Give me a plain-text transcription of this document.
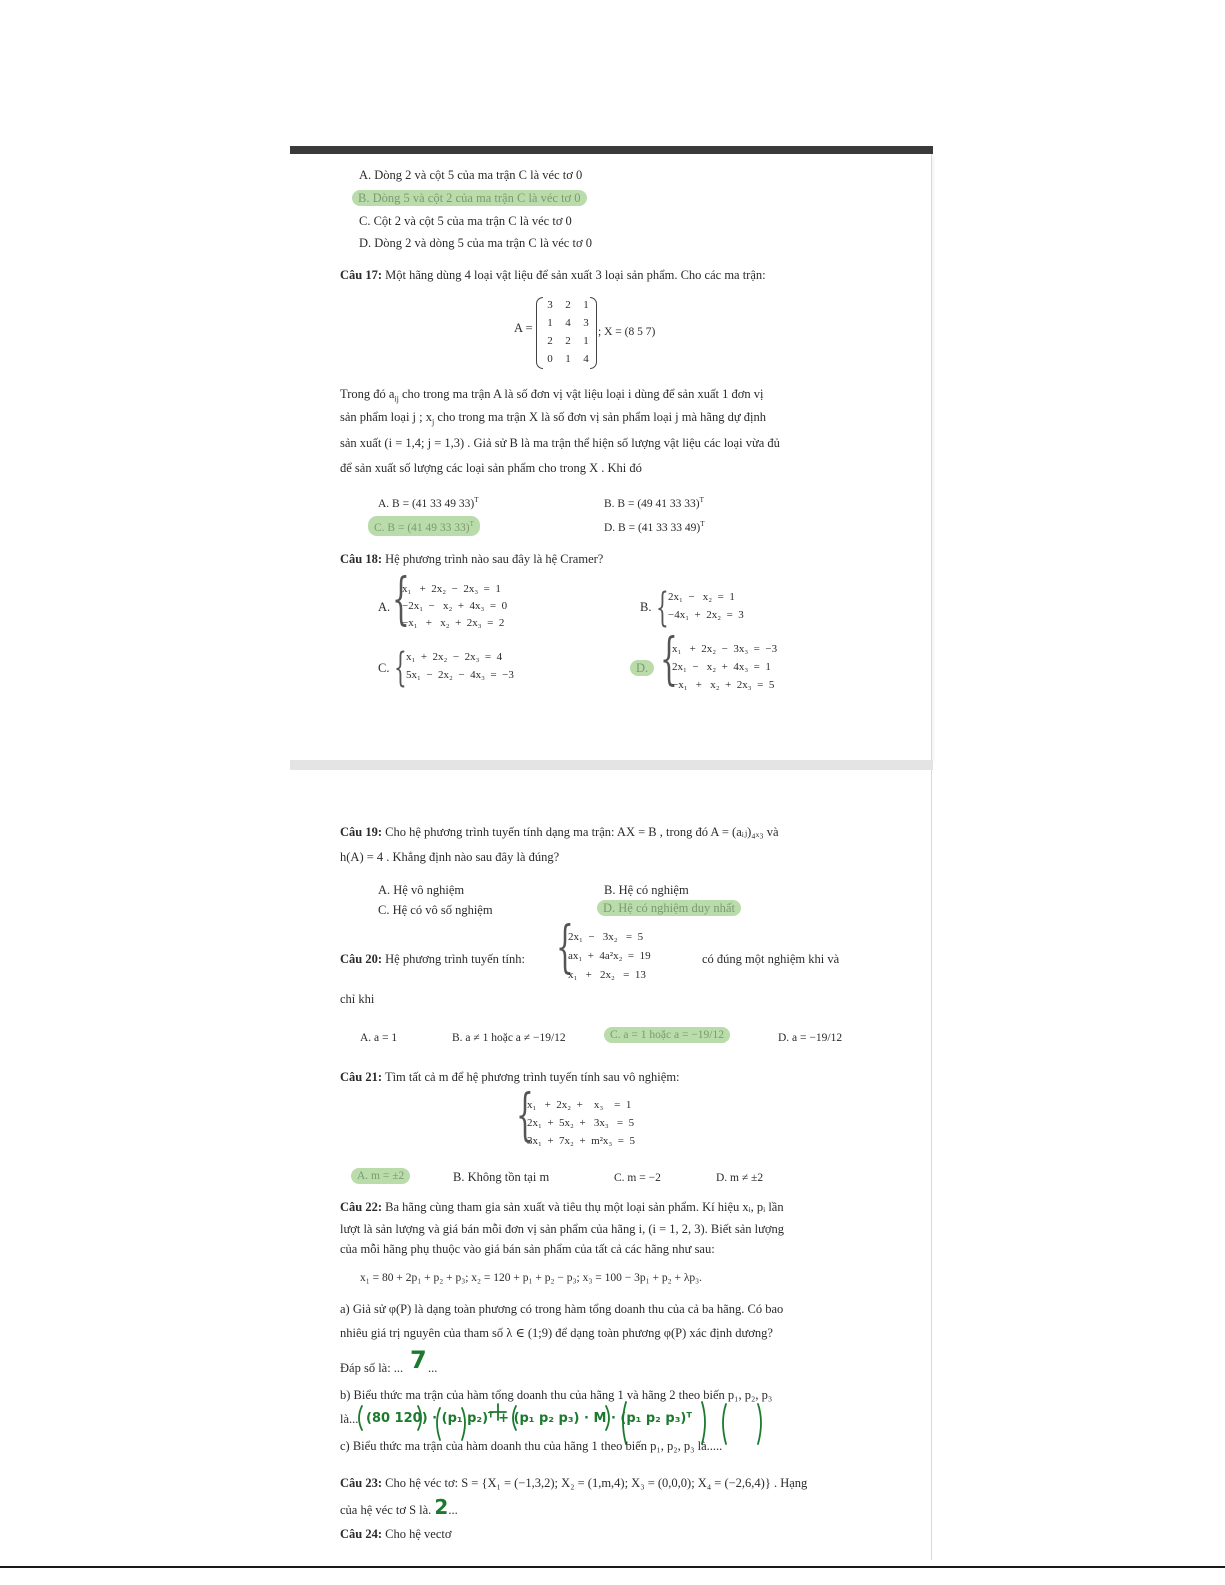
A. Dòng 2 và cột 5 của ma trận C là véc tơ 0
B. Dòng 5 và cột 2 của ma trận C là véc tơ 0
C. Cột 2 và cột 5 của ma trận C là véc tơ 0
D. Dòng 2 và dòng 5 của ma trận C là véc tơ 0
Câu 17: Một hãng dùng 4 loại vật liệu để sản xuất 3 loại sản phẩm. Cho các ma trận:
A =
3 2 1
1 4 3
2 2 1
0 1 4
; X = (8 5 7)
Trong đó $a_{ij}$ cho trong ma trận A là số đơn vị vật liệu loại i dùng để sản xuất 1 đơn vị
sản phẩm loại j ; $x_j$ cho trong ma trận X là số đơn vị sản phẩm loại j mà hãng dự định
sản xuất (i = 1,4; j = 1,3) . Giả sử B là ma trận thể hiện số lượng vật liệu các loại vừa đủ
để sản xuất số lượng các loại sản phẩm cho trong X . Khi đó
A. B = (41 33 49 33)$^T$	B. B = (49 41 33 33)$^T$
C. B = (41 49 33 33)$^T$	D. B = (41 33 33 49)$^T$
Câu 18: Hệ phương trình nào sau đây là hệ Cramer?
A. {
x₁   +  2x₂  −  2x₃  =  1
−2x₁  −   x₂  +  4x₃  =  0
−x₁   +   x₂  +  2x₃  =  2
B. { 2x₁  −   x₂  =  1
−4x₁  +  2x₂  =  3
C. { x₁  +  2x₂  −  2x₃  =  4
5x₁  −  2x₂  −  4x₃  =  −3	D. {
x₁   +  2x₂  −  3x₃  =  −3
2x₁  −   x₂  +  4x₃  =  1
−x₁   +   x₂  +  2x₃  =  5
Câu 19: Cho hệ phương trình tuyến tính dạng ma trận: AX = B , trong đó A = (aᵢⱼ)₄ₓ₃ và
h(A) = 4 . Khẳng định nào sau đây là đúng?
A. Hệ vô nghiệm	B. Hệ có nghiệm
C. Hệ có vô số nghiệm	D. Hệ có nghiệm duy nhất
Câu 20: Hệ phương trình tuyến tính: {
2x₁  −   3x₂   =  5
ax₁  +  4a²x₂  =  19
x₁   +   2x₂   =  13
có đúng một nghiệm khi và
chỉ khi
A. a = 1	B. a ≠ 1 hoặc a ≠ −19/12	C. a = 1 hoặc a = −19/12	D. a = −19/12
Câu 21: Tìm tất cả m để hệ phương trình tuyến tính sau vô nghiệm:
{
x₁   +  2x₂  +    x₃    =  1
2x₁  +  5x₂  +   3x₃   =  5
3x₁  +  7x₂  +  m²x₃  =  5
A. m = ±2	B. Không tồn tại m	C. m = −2	D. m ≠ ±2
Câu 22: Ba hãng cùng tham gia sản xuất và tiêu thụ một loại sản phẩm. Kí hiệu xᵢ, pᵢ lần
lượt là sản lượng và giá bán mỗi đơn vị sản phẩm của hãng i, (i = 1, 2, 3). Biết sản lượng
của mỗi hãng phụ thuộc vào giá bán sản phẩm của tất cả các hãng như sau:
x₁ = 80 + 2p₁ + p₂ + p₃; x₂ = 120 + p₁ + p₂ − p₃; x₃ = 100 − 3p₁ + p₂ + λp₃.
a) Giả sử φ(P) là dạng toàn phương có trong hàm tổng doanh thu của cả ba hãng. Có bao
nhiêu giá trị nguyên của tham số λ ∈ (1;9) để dạng toàn phương φ(P) xác định dương?
Đáp số là: ... 7 ...
b) Biểu thức ma trận của hàm tổng doanh thu của hãng 1 và hãng 2 theo biến p₁, p₂, p₃
là... (80 120) · (p₁ p₂)ᵀ + (p₁ p₂ p₃) · M · (p₁ p₂ p₃)ᵀ
c) Biểu thức ma trận của hàm doanh thu của hãng 1 theo biến p₁, p₂, p₃ là.....
Câu 23: Cho hệ véc tơ: S = {X₁ = (−1,3,2); X₂ = (1,m,4); X₃ = (0,0,0); X₄ = (−2,6,4)} . Hạng
của hệ véc tơ S là. 2...
Câu 24: Cho hệ vectơ
